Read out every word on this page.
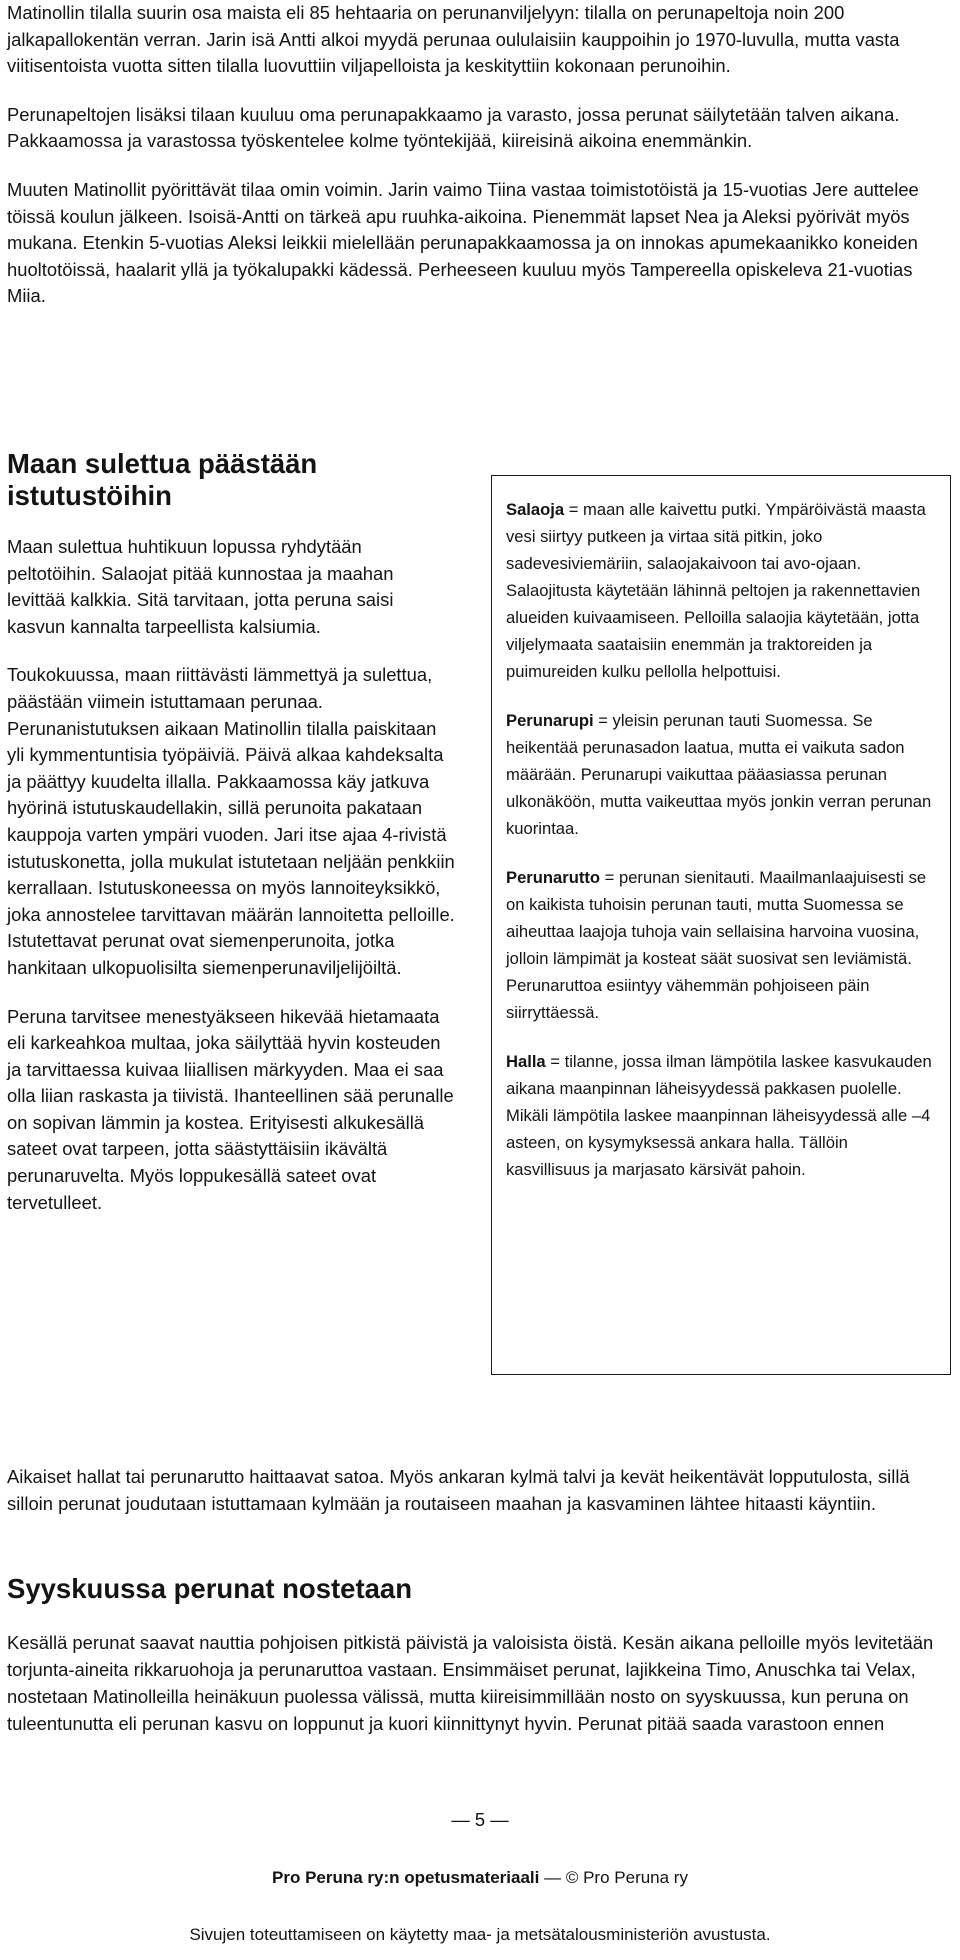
Matinollin tilalla suurin osa maista eli 85 hehtaaria on perunanviljelyyn: tilalla on perunapeltoja noin 200 jalkapallokentän verran. Jarin isä Antti alkoi myydä perunaa oululaisiin kauppoihin jo 1970-luvulla, mutta vasta viitisentoista vuotta sitten tilalla luovuttiin viljapelloista ja keskityttiin kokonaan perunoihin.

Perunapeltojen lisäksi tilaan kuuluu oma perunapakkaamo ja varasto, jossa perunat säilytetään talven aikana. Pakkaamossa ja varastossa työskentelee kolme työntekijää, kiireisinä aikoina enemmänkin.

Muuten Matinollit pyörittävät tilaa omin voimin. Jarin vaimo Tiina vastaa toimistotöistä ja 15-vuotias Jere auttelee töissä koulun jälkeen. Isoisä-Antti on tärkeä apu ruuhka-aikoina. Pienemmät lapset Nea ja Aleksi pyörivät myös mukana. Etenkin 5-vuotias Aleksi leikkii mielellään perunapakkaamossa ja on innokas apumekaanikko koneiden huoltotöissä, haalarit yllä ja työkalupakki kädessä. Perheeseen kuuluu myös Tampereella opiskeleva 21-vuotias Miia.

Maan sulettua päästään istutustöihin

Maan sulettua huhtikuun lopussa ryhdytään peltotöihin. Salaojat pitää kunnostaa ja maahan levittää kalkkia. Sitä tarvitaan, jotta peruna saisi kasvun kannalta tarpeellista kalsiumia.

Toukokuussa, maan riittävästi lämmettyä ja sulettua, päästään viimein istuttamaan perunaa. Perunanistutuksen aikaan Matinollin tilalla paiskitaan yli kymmentuntisia työpäiviä. Päivä alkaa kahdeksalta ja päättyy kuudelta illalla. Pakkaamossa käy jatkuva hyörinä istutuskaudellakin, sillä perunoita pakataan kauppoja varten ympäri vuoden. Jari itse ajaa 4-rivistä istutuskonetta, jolla mukulat istutetaan neljään penkkiin kerrallaan. Istutuskoneessa on myös lannoiteyksikkö, joka annostelee tarvittavan määrän lannoitetta pelloille. Istutettavat perunat ovat siemenperunoita, jotka hankitaan ulkopuolisilta siemenperunaviljelijöiltä.

Peruna tarvitsee menestyäkseen hikevää hietamaata eli karkeahkoa multaa, joka säilyttää hyvin kosteuden ja tarvittaessa kuivaa liiallisen märkyyden. Maa ei saa olla liian raskasta ja tiivistä. Ihanteellinen sää perunalle on sopivan lämmin ja kostea. Erityisesti alkukesällä sateet ovat tarpeen, jotta säästyttäisiin ikävältä perunaruvelta. Myös loppukesällä sateet ovat tervetulleet.

Salaoja = maan alle kaivettu putki. Ympäröivästä maasta vesi siirtyy putkeen ja virtaa sitä pitkin, joko sadevesiviemäriin, salaojakaivoon tai avo-ojaan. Salaojitusta käytetään lähinnä peltojen ja rakennettavien alueiden kuivaamiseen. Pelloilla salaojia käytetään, jotta viljelymaata saataisiin enemmän ja traktoreiden ja puimureiden kulku pellolla helpottuisi.

Perunarupi = yleisin perunan tauti Suomessa. Se heikentää perunasadon laatua, mutta ei vaikuta sadon määrään. Perunarupi vaikuttaa pääasiassa perunan ulkonäköön, mutta vaikeuttaa myös jonkin verran perunan kuorintaa.

Perunarutto = perunan sienitauti. Maailmanlaajuisesti se on kaikista tuhoisin perunan tauti, mutta Suomessa se aiheuttaa laajoja tuhoja vain sellaisina harvoina vuosina, jolloin lämpimät ja kosteat säät suosivat sen leviämistä. Perunaruttoa esiintyy vähemmän pohjoiseen päin siirryttäessä.

Halla = tilanne, jossa ilman lämpötila laskee kasvukauden aikana maanpinnan läheisyydessä pakkasen puolelle. Mikäli lämpötila laskee maanpinnan läheisyydessä alle –4 asteen, on kysymyksessä ankara halla. Tällöin kasvillisuus ja marjasato kärsivät pahoin.

Aikaiset hallat tai perunarutto haittaavat satoa. Myös ankaran kylmä talvi ja kevät heikentävät lopputulosta, sillä silloin perunat joudutaan istuttamaan kylmään ja routaiseen maahan ja kasvaminen lähtee hitaasti käyntiin.

Syyskuussa perunat nostetaan

Kesällä perunat saavat nauttia pohjoisen pitkistä päivistä ja valoisista öistä. Kesän aikana pelloille myös levitetään torjunta-aineita rikkaruohoja ja perunaruttoa vastaan. Ensimmäiset perunat, lajikkeina Timo, Anuschka tai Velax, nostetaan Matinolleilla heinäkuun puolessa välissä, mutta kiireisimmillään nosto on syyskuussa, kun peruna on tuleentunutta eli perunan kasvu on loppunut ja kuori kiinnittynyt hyvin. Perunat pitää saada varastoon ennen

— 5 —
Pro Peruna ry:n opetusmateriaali — © Pro Peruna ry
Sivujen toteuttamiseen on käytetty maa- ja metsätalousministeriön avustusta.
